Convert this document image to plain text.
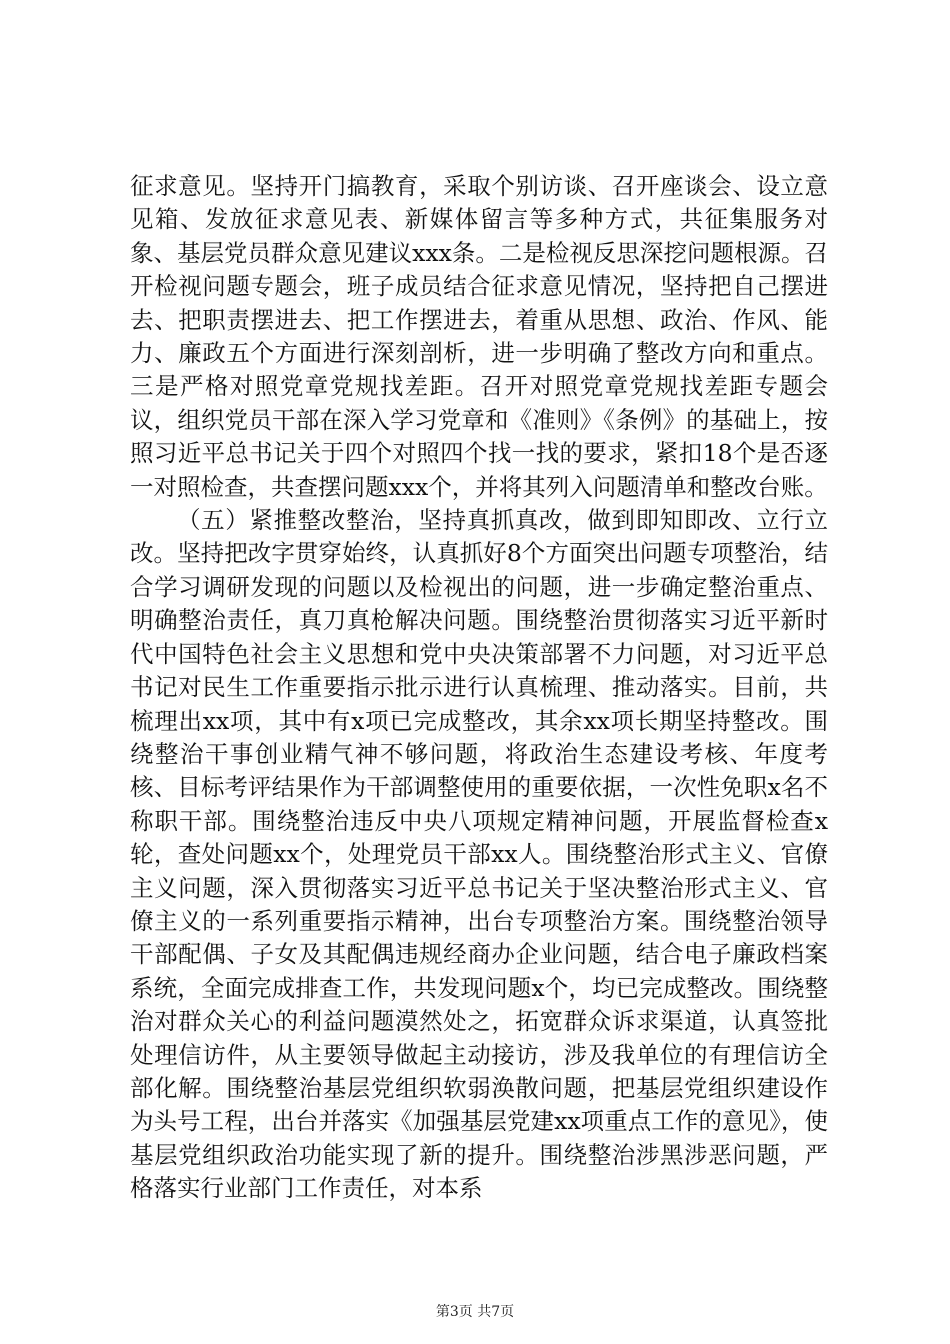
征求意见。坚持开门搞教育，采取个别访谈、召开座谈会、设立意见箱、发放征求意见表、新媒体留言等多种方式，共征集服务对象、基层党员群众意见建议xxx条。二是检视反思深挖问题根源。召开检视问题专题会，班子成员结合征求意见情况，坚持把自己摆进去、把职责摆进去、把工作摆进去，着重从思想、政治、作风、能力、廉政五个方面进行深刻剖析，进一步明确了整改方向和重点。三是严格对照党章党规找差距。召开对照党章党规找差距专题会议，组织党员干部在深入学习党章和《准则》《条例》的基础上，按照习近平总书记关于四个对照四个找一找的要求，紧扣18个是否逐一对照检查，共查摆问题xxx个，并将其列入问题清单和整改台账。

（五）紧推整改整治，坚持真抓真改，做到即知即改、立行立改。坚持把改字贯穿始终，认真抓好8个方面突出问题专项整治，结合学习调研发现的问题以及检视出的问题，进一步确定整治重点、明确整治责任，真刀真枪解决问题。围绕整治贯彻落实习近平新时代中国特色社会主义思想和党中央决策部署不力问题，对习近平总书记对民生工作重要指示批示进行认真梳理、推动落实。目前，共梳理出xx项，其中有x项已完成整改，其余xx项长期坚持整改。围绕整治干事创业精气神不够问题，将政治生态建设考核、年度考核、目标考评结果作为干部调整使用的重要依据，一次性免职x名不称职干部。围绕整治违反中央八项规定精神问题，开展监督检查x轮，查处问题xx个，处理党员干部xx人。围绕整治形式主义、官僚主义问题，深入贯彻落实习近平总书记关于坚决整治形式主义、官僚主义的一系列重要指示精神，出台专项整治方案。围绕整治领导干部配偶、子女及其配偶违规经商办企业问题，结合电子廉政档案系统，全面完成排查工作，共发现问题x个，均已完成整改。围绕整治对群众关心的利益问题漠然处之，拓宽群众诉求渠道，认真签批处理信访件，从主要领导做起主动接访，涉及我单位的有理信访全部化解。围绕整治基层党组织软弱涣散问题，把基层党组织建设作为头号工程，出台并落实《加强基层党建xx项重点工作的意见》，使基层党组织政治功能实现了新的提升。围绕整治涉黑涉恶问题，严格落实行业部门工作责任，对本系

第3页 共7页
